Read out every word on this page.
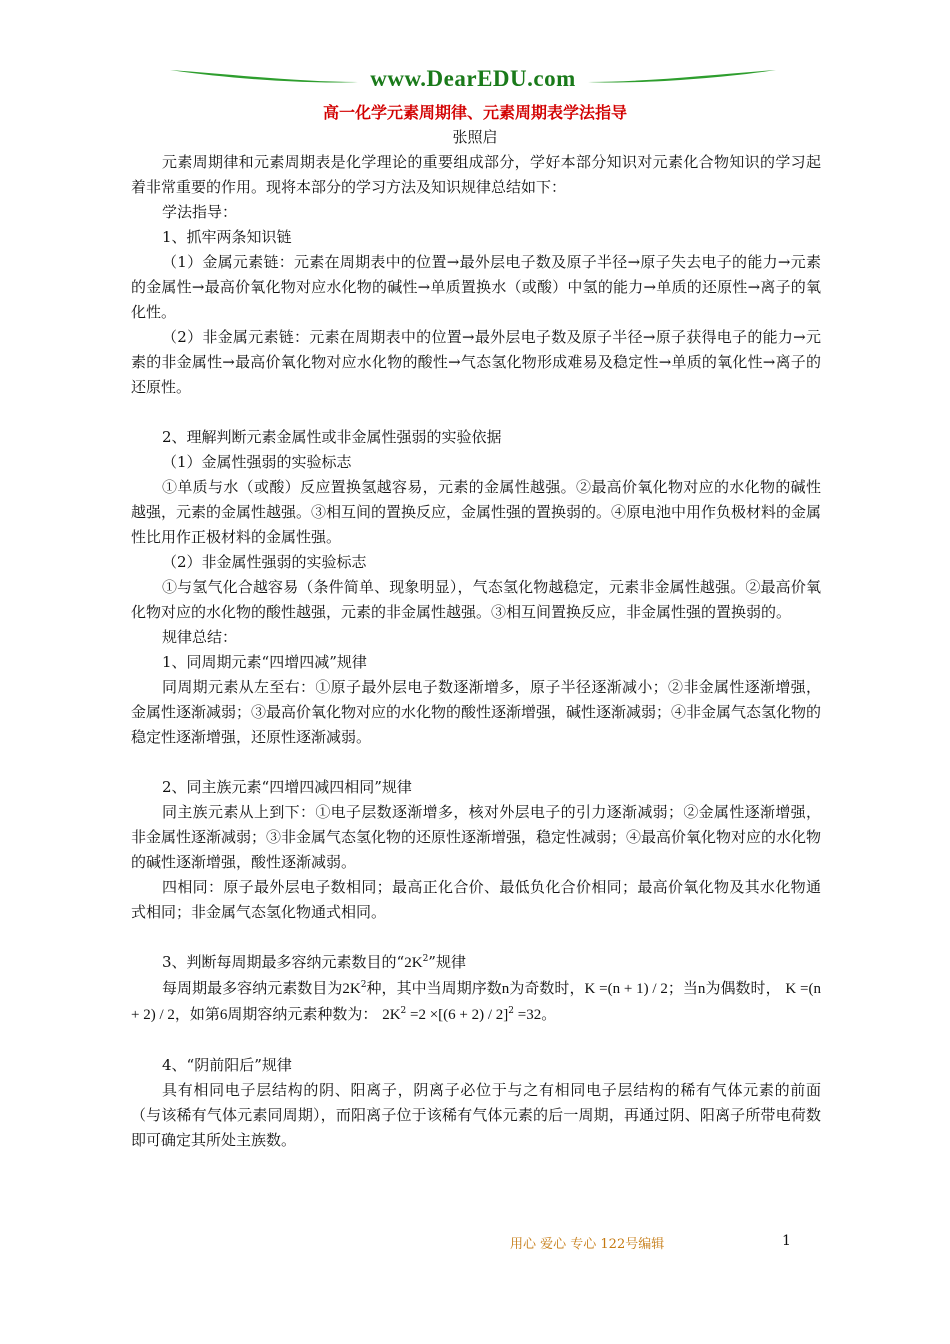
www.DearEDU.com
高一化学元素周期律、元素周期表学法指导
张照启

元素周期律和元素周期表是化学理论的重要组成部分，学好本部分知识对元素化合物知识的学习起着非常重要的作用。现将本部分的学习方法及知识规律总结如下：

学法指导：

1、抓牢两条知识链

（1）金属元素链：元素在周期表中的位置→最外层电子数及原子半径→原子失去电子的能力→元素的金属性→最高价氧化物对应水化物的碱性→单质置换水（或酸）中氢的能力→单质的还原性→离子的氧化性。

（2）非金属元素链：元素在周期表中的位置→最外层电子数及原子半径→原子获得电子的能力→元素的非金属性→最高价氧化物对应水化物的酸性→气态氢化物形成难易及稳定性→单质的氧化性→离子的还原性。

2、理解判断元素金属性或非金属性强弱的实验依据

（1）金属性强弱的实验标志

①单质与水（或酸）反应置换氢越容易，元素的金属性越强。②最高价氧化物对应的水化物的碱性越强，元素的金属性越强。③相互间的置换反应，金属性强的置换弱的。④原电池中用作负极材料的金属性比用作正极材料的金属性强。

（2）非金属性强弱的实验标志

①与氢气化合越容易（条件简单、现象明显），气态氢化物越稳定，元素非金属性越强。②最高价氧化物对应的水化物的酸性越强，元素的非金属性越强。③相互间置换反应，非金属性强的置换弱的。

规律总结：

1、同周期元素“四增四减”规律

同周期元素从左至右：①原子最外层电子数逐渐增多，原子半径逐渐减小；②非金属性逐渐增强，金属性逐渐减弱；③最高价氧化物对应的水化物的酸性逐渐增强，碱性逐渐减弱；④非金属气态氢化物的稳定性逐渐增强，还原性逐渐减弱。

2、同主族元素“四增四减四相同”规律

同主族元素从上到下：①电子层数逐渐增多，核对外层电子的引力逐渐减弱；②金属性逐渐增强，非金属性逐渐减弱；③非金属气态氢化物的还原性逐渐增强，稳定性减弱；④最高价氧化物对应的水化物的碱性逐渐增强，酸性逐渐减弱。

四相同：原子最外层电子数相同；最高正化合价、最低负化合价相同；最高价氧化物及其水化物通式相同；非金属气态氢化物通式相同。

3、判断每周期最多容纳元素数目的“$2K^2$”规律

每周期最多容纳元素数目为$2K^2$种，其中当周期序数n为奇数时，K =(n + 1) / 2；当n为偶数时， K =(n + 2) / 2，如第6周期容纳元素种数为： $2K^2 =2 \times[(6 + 2) / 2]^2 =32$。

4、“阴前阳后”规律

具有相同电子层结构的阴、阳离子，阴离子必位于与之有相同电子层结构的稀有气体元素的前面（与该稀有气体元素同周期），而阳离子位于该稀有气体元素的后一周期，再通过阴、阳离子所带电荷数即可确定其所处主族数。

用心 爱心 专心 122号编辑	1
